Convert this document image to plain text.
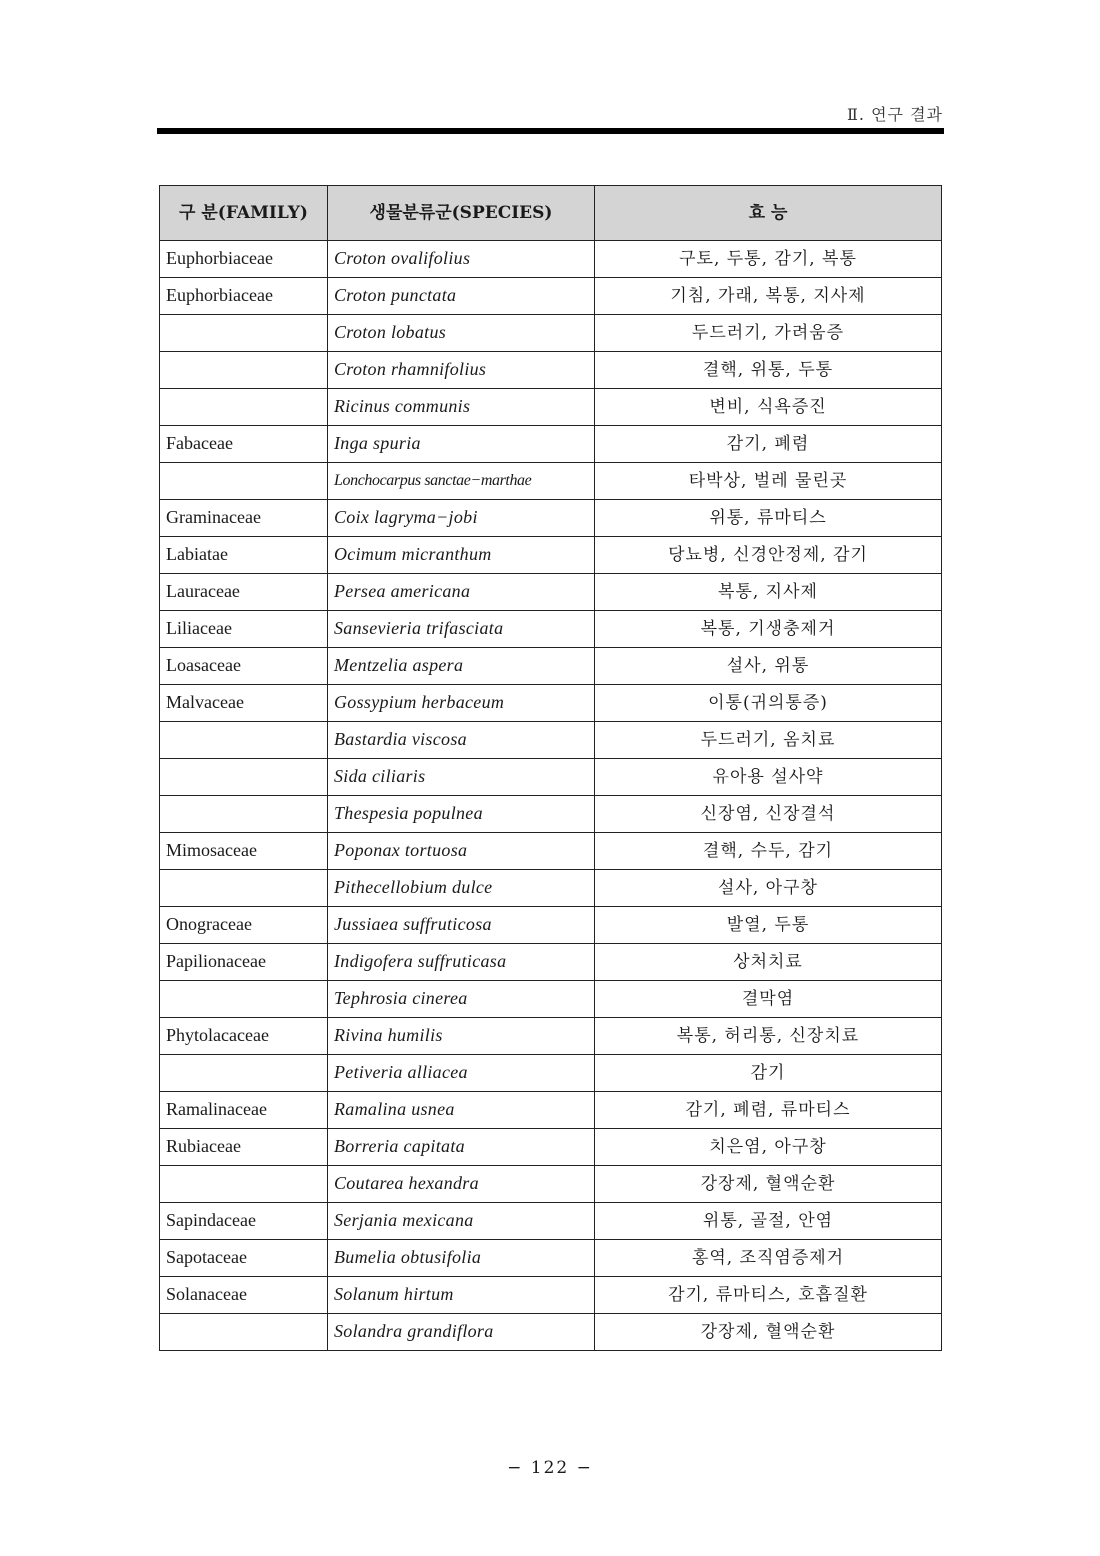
Ⅱ. 연구 결과
구 분(FAMILY)	생물분류군(SPECIES)	효 능
Euphorbiaceae	Croton ovalifolius	구토, 두통, 감기, 복통
Euphorbiaceae	Croton punctata	기침, 가래, 복통, 지사제
	Croton lobatus	두드러기, 가려움증
	Croton rhamnifolius	결핵, 위통, 두통
	Ricinus communis	변비, 식욕증진
Fabaceae	Inga spuria	감기, 폐렴
	Lonchocarpus sanctae−marthae	타박상, 벌레 물린곳
Graminaceae	Coix lagryma−jobi	위통, 류마티스
Labiatae	Ocimum micranthum	당뇨병, 신경안정제, 감기
Lauraceae	Persea americana	복통, 지사제
Liliaceae	Sansevieria trifasciata	복통, 기생충제거
Loasaceae	Mentzelia aspera	설사, 위통
Malvaceae	Gossypium herbaceum	이통(귀의통증)
	Bastardia viscosa	두드러기, 옴치료
	Sida ciliaris	유아용 설사약
	Thespesia populnea	신장염, 신장결석
Mimosaceae	Poponax tortuosa	결핵, 수두, 감기
	Pithecellobium dulce	설사, 아구창
Onograceae	Jussiaea suffruticosa	발열, 두통
Papilionaceae	Indigofera suffruticasa	상처치료
	Tephrosia cinerea	결막염
Phytolacaceae	Rivina humilis	복통, 허리통, 신장치료
	Petiveria alliacea	감기
Ramalinaceae	Ramalina usnea	감기, 폐렴, 류마티스
Rubiaceae	Borreria capitata	치은염, 아구창
	Coutarea hexandra	강장제, 혈액순환
Sapindaceae	Serjania mexicana	위통, 골절, 안염
Sapotaceae	Bumelia obtusifolia	홍역, 조직염증제거
Solanaceae	Solanum hirtum	감기, 류마티스, 호흡질환
	Solandra grandiflora	강장제, 혈액순환
− 122 −
